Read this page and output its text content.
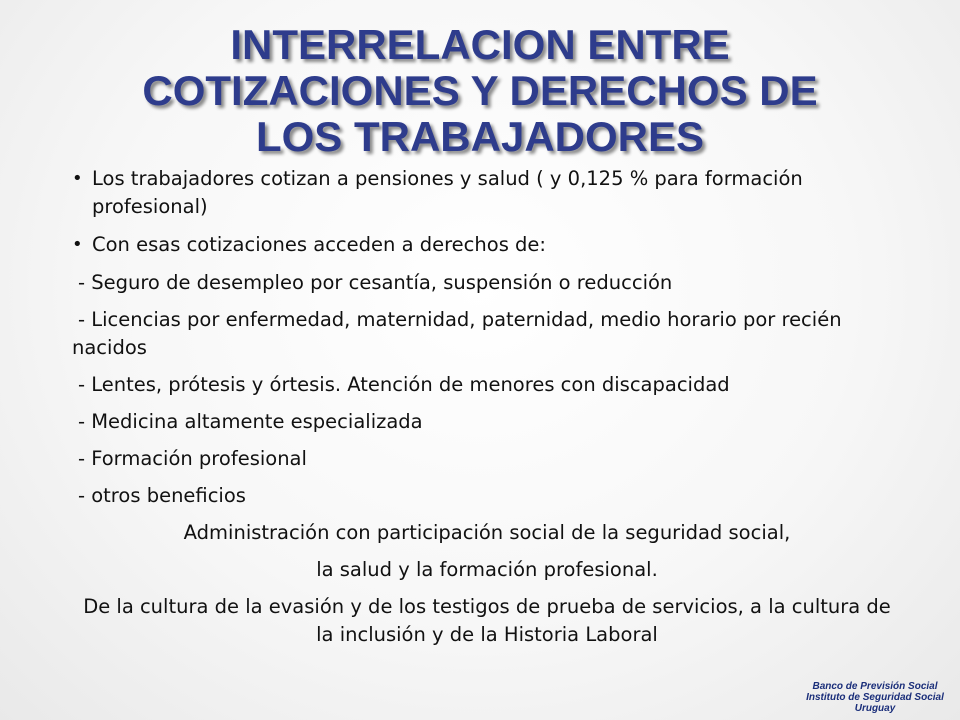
INTERRELACION ENTRE
COTIZACIONES Y DERECHOS DE
LOS TRABAJADORES
• Los trabajadores cotizan a pensiones y salud ( y 0,125 % para formación profesional)
• Con esas cotizaciones acceden a derechos de:
- Seguro de desempleo por cesantía, suspensión o reducción
- Licencias por enfermedad, maternidad, paternidad, medio horario por recién nacidos
- Lentes, prótesis y órtesis. Atención de menores con discapacidad
- Medicina altamente especializada
- Formación profesional
- otros beneficios

Administración con participación social de la seguridad social,

la salud y la formación profesional.

De la cultura de la evasión y de los testigos de prueba de servicios, a la cultura de la inclusión y de la Historia Laboral

Banco de Previsión Social
Instituto de Seguridad Social
Uruguay
